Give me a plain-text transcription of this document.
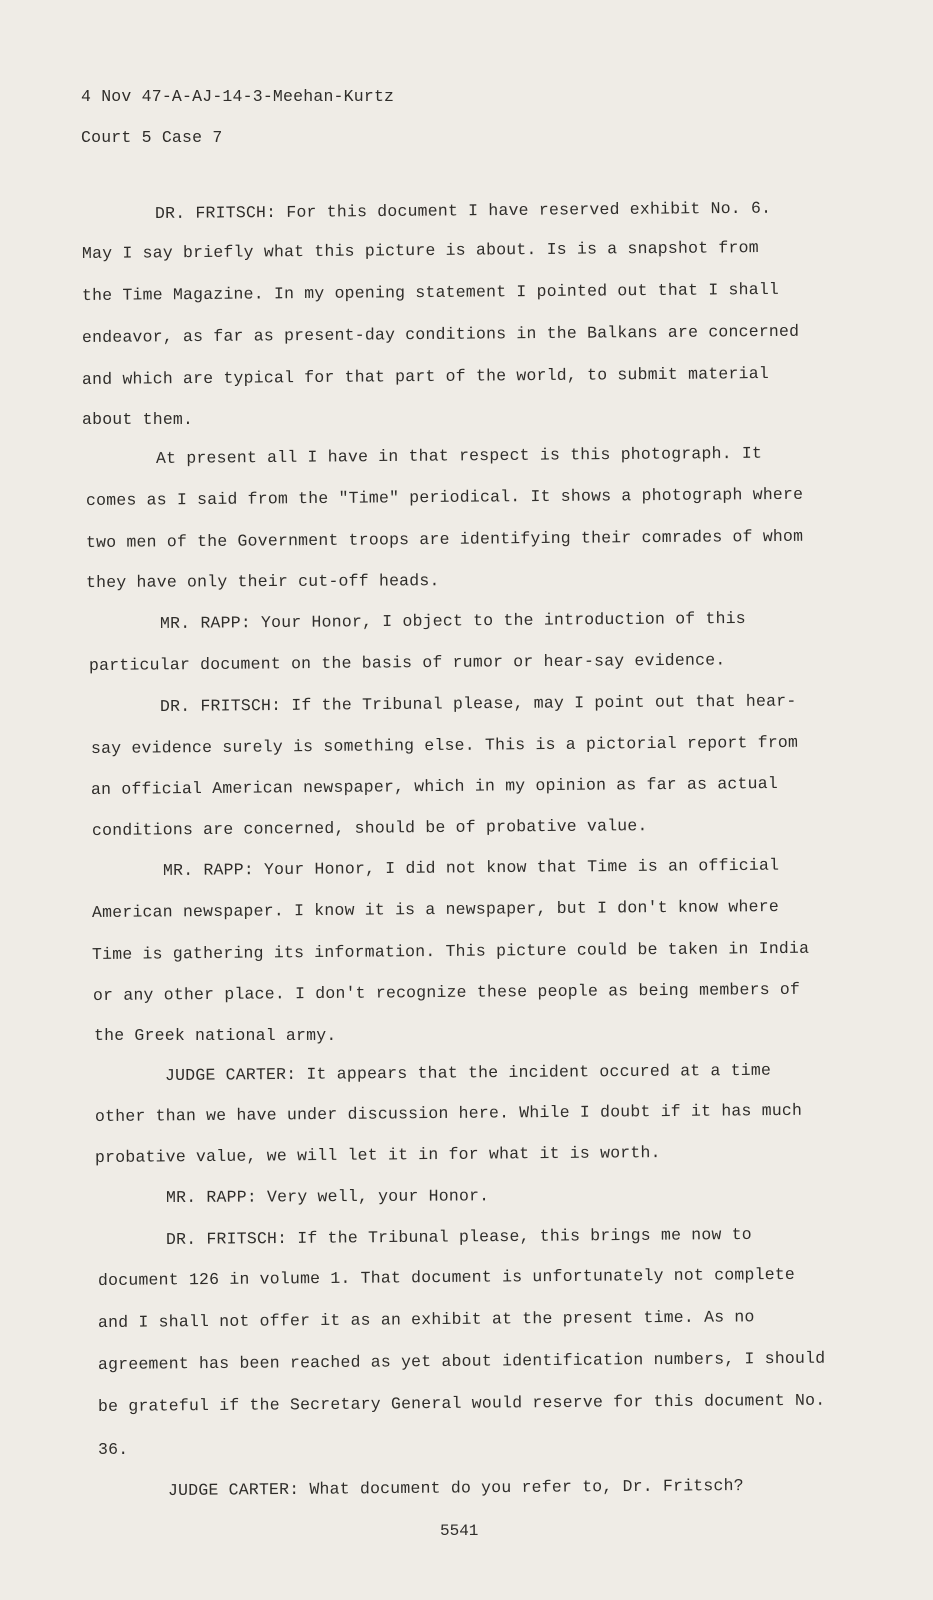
4 Nov 47-A-AJ-14-3-Meehan-Kurtz
Court 5 Case 7
DR. FRITSCH: For this document I have reserved exhibit No. 6.
May I say briefly what this picture is about. Is is a snapshot from
the Time Magazine. In my opening statement I pointed out that I shall
endeavor, as far as present-day conditions in the Balkans are concerned
and which are typical for that part of the world, to submit material
about them.
At present all I have in that respect is this photograph. It
comes as I said from the "Time" periodical. It shows a photograph where
two men of the Government troops are identifying their comrades of whom
they have only their cut-off heads.
MR. RAPP: Your Honor, I object to the introduction of this
particular document on the basis of rumor or hear-say evidence.
DR. FRITSCH: If the Tribunal please, may I point out that hear-
say evidence surely is something else. This is a pictorial report from
an official American newspaper, which in my opinion as far as actual
conditions are concerned, should be of probative value.
MR. RAPP: Your Honor, I did not know that Time is an official
American newspaper. I know it is a newspaper, but I don't know where
Time is gathering its information. This picture could be taken in India
or any other place. I don't recognize these people as being members of
the Greek national army.
JUDGE CARTER: It appears that the incident occured at a time
other than we have under discussion here. While I doubt if it has much
probative value, we will let it in for what it is worth.
MR. RAPP: Very well, your Honor.
DR. FRITSCH: If the Tribunal please, this brings me now to
document 126 in volume 1. That document is unfortunately not complete
and I shall not offer it as an exhibit at the present time. As no
agreement has been reached as yet about identification numbers, I should
be grateful if the Secretary General would reserve for this document No.
36.
JUDGE CARTER: What document do you refer to, Dr. Fritsch?
5541
